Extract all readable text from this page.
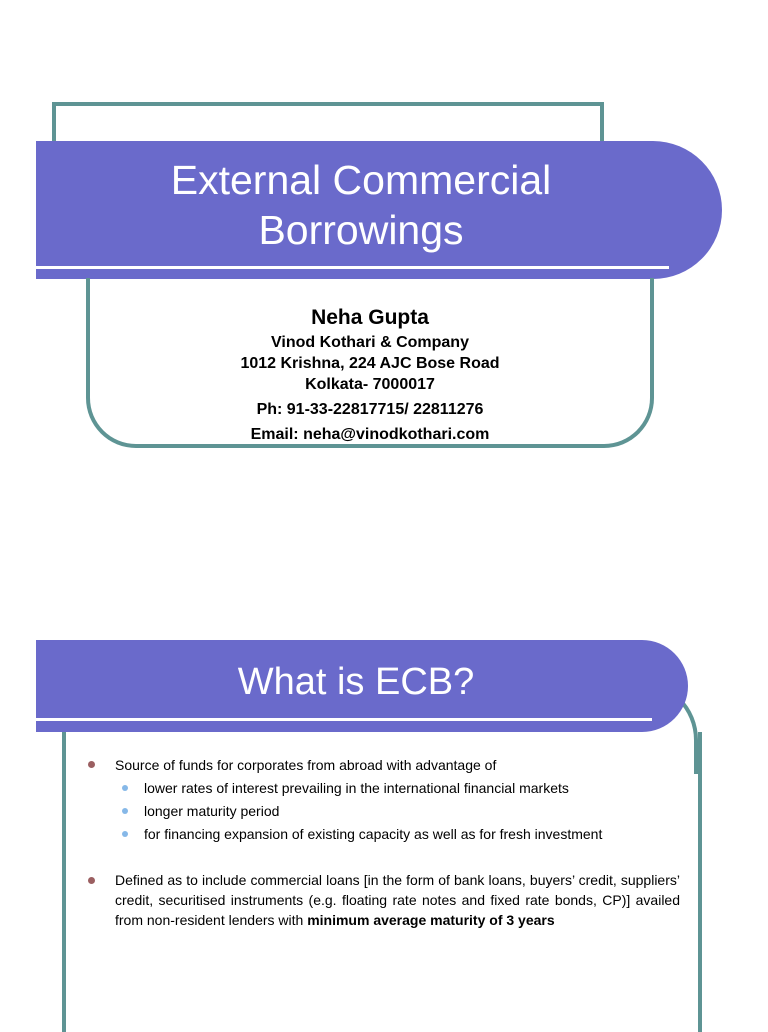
External Commercial
Borrowings
Neha Gupta
Vinod Kothari & Company
1012 Krishna, 224 AJC Bose Road
Kolkata- 7000017
Ph: 91-33-22817715/ 22811276
Email: neha@vinodkothari.com
What is ECB?
Source of funds for corporates from abroad with advantage of
lower rates of interest prevailing in the international financial markets
longer maturity period
for financing expansion of existing capacity as well as for fresh investment
Defined as to include commercial loans [in the form of bank loans, buyers’ credit, suppliers’ credit, securitised instruments (e.g. floating rate notes and fixed rate bonds, CP)] availed from non-resident lenders with minimum average maturity of 3 years
